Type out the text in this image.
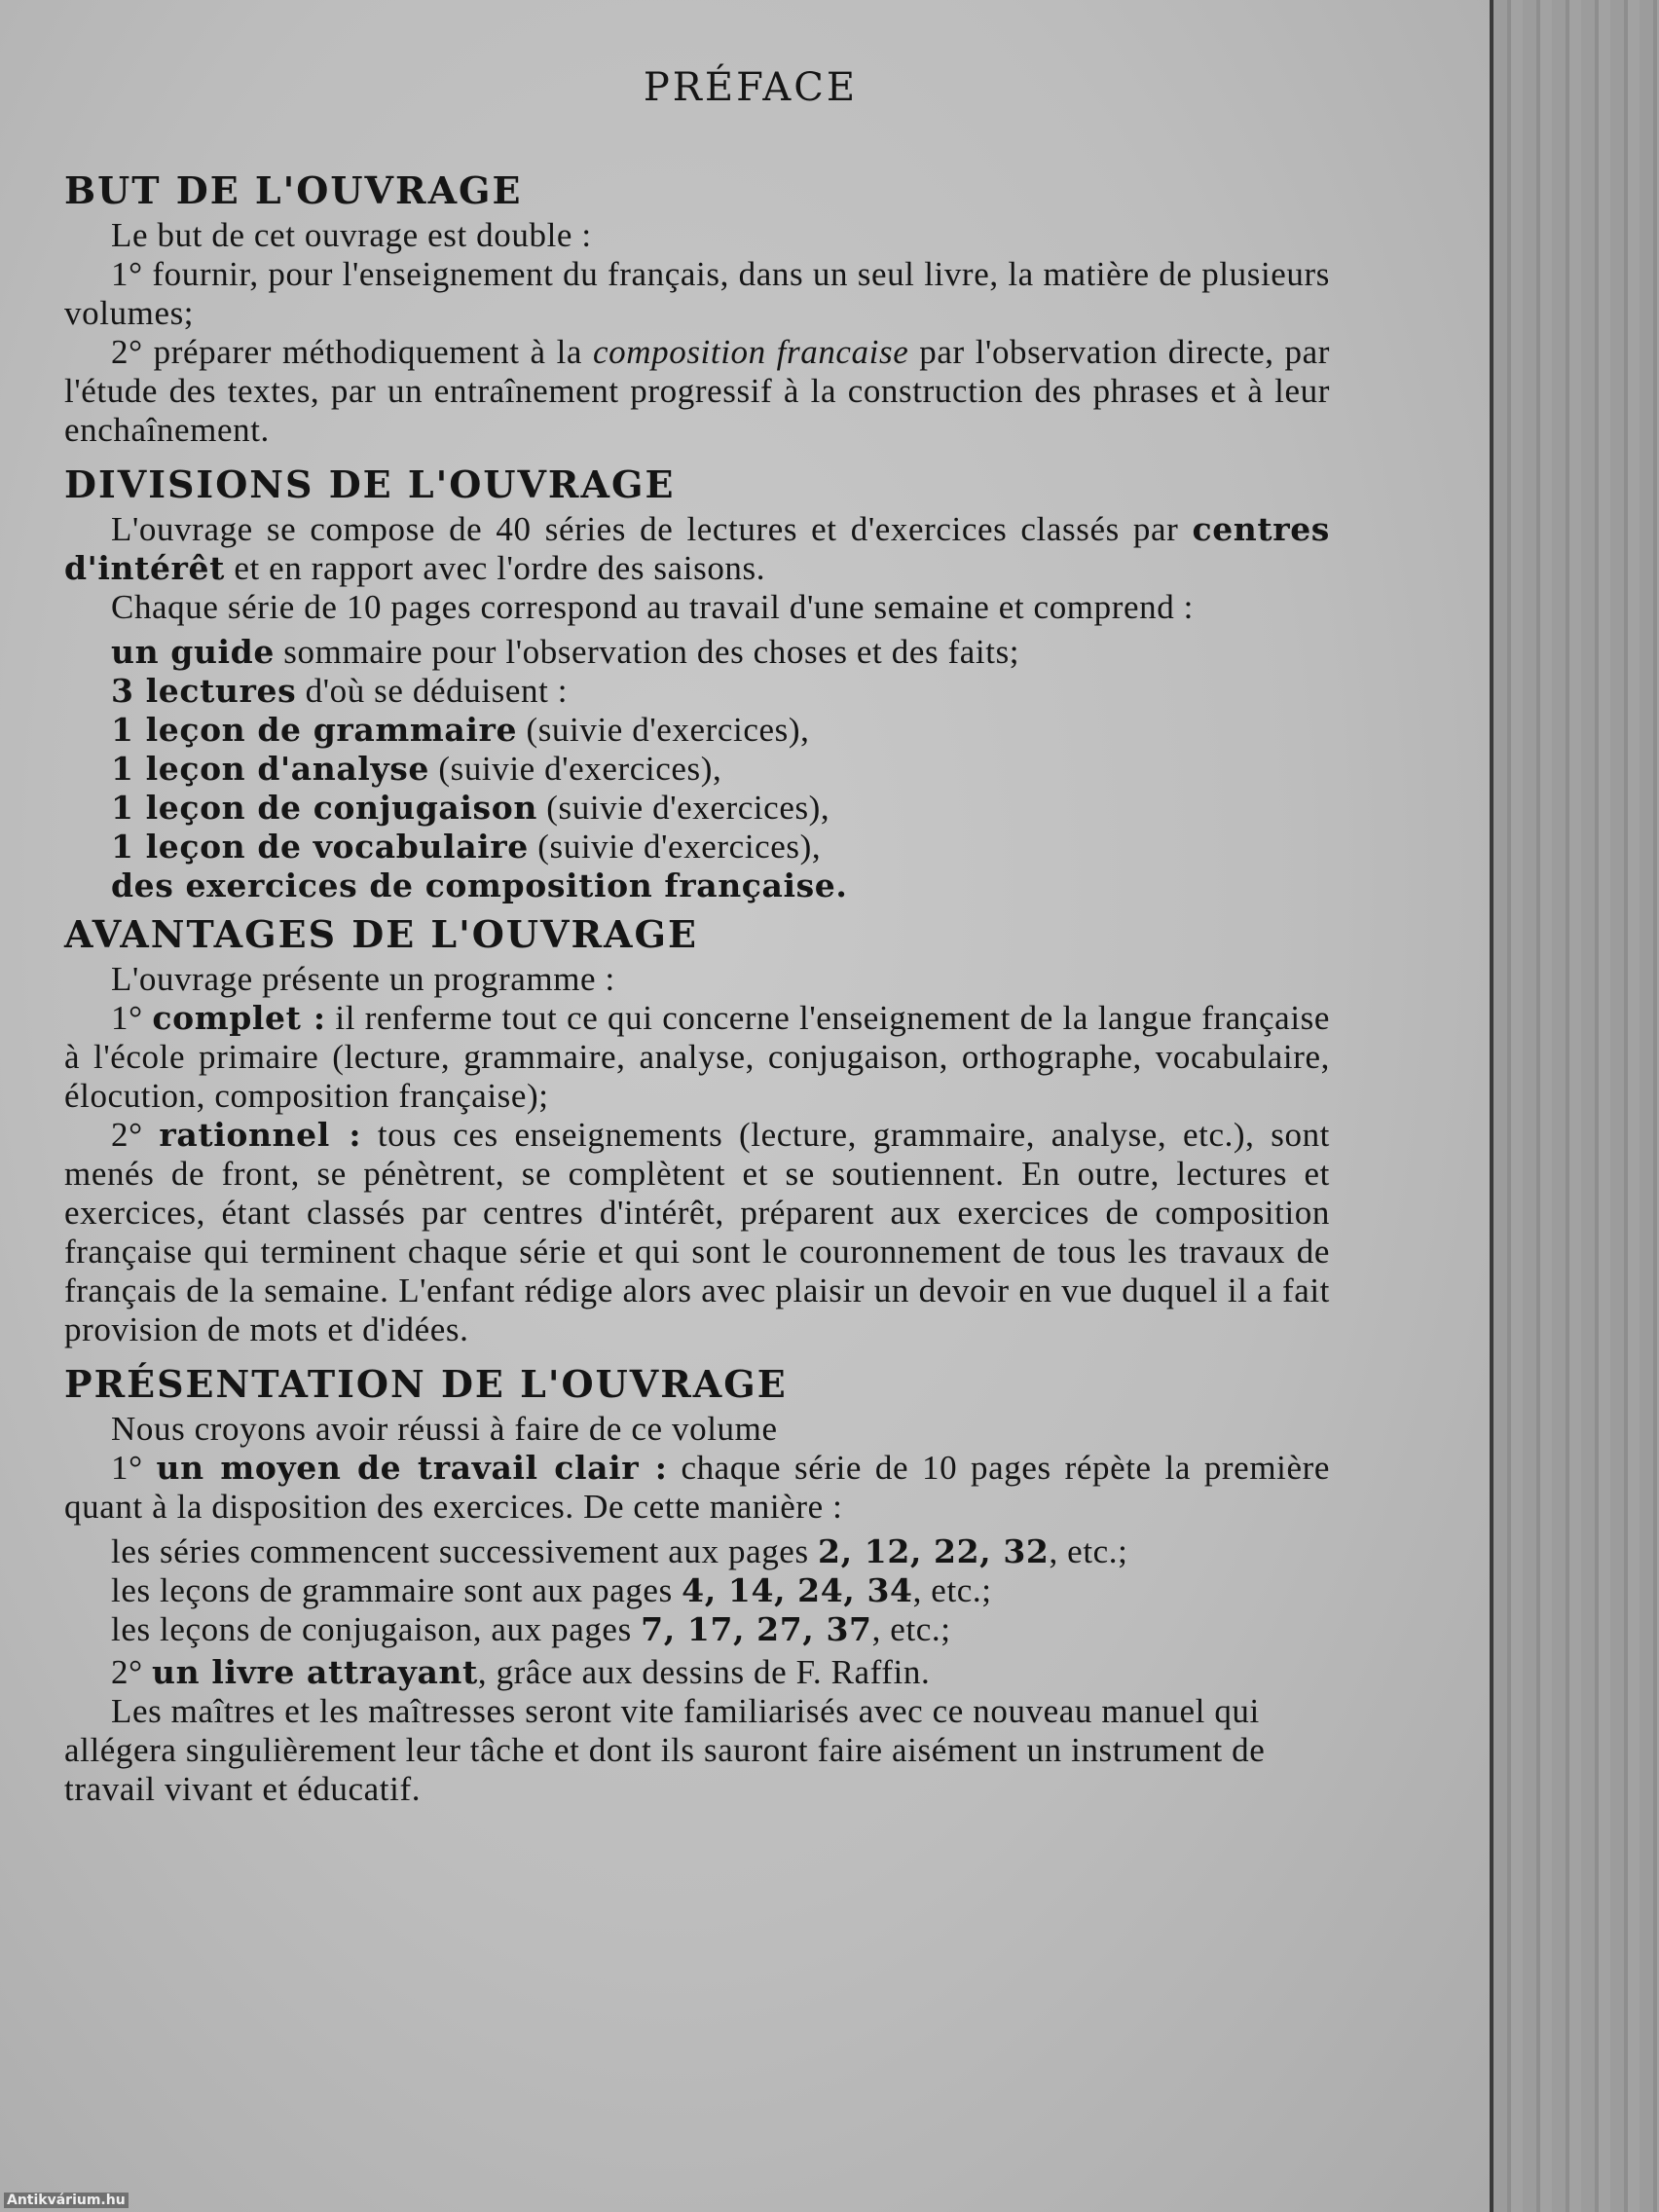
PRÉFACE
BUT DE L'OUVRAGE

Le but de cet ouvrage est double :

1° fournir, pour l'enseignement du français, dans un seul livre, la matière de plusieurs volumes;

2° préparer méthodiquement à la composition francaise par l'observation directe, par l'étude des textes, par un entraînement progressif à la construction des phrases et à leur enchaînement.

DIVISIONS DE L'OUVRAGE

L'ouvrage se compose de 40 séries de lectures et d'exercices classés par centres d'intérêt et en rapport avec l'ordre des saisons.

Chaque série de 10 pages correspond au travail d'une semaine et comprend :

un guide sommaire pour l'observation des choses et des faits;

3 lectures d'où se déduisent :

1 leçon de grammaire (suivie d'exercices),

1 leçon d'analyse (suivie d'exercices),

1 leçon de conjugaison (suivie d'exercices),

1 leçon de vocabulaire (suivie d'exercices),

des exercices de composition française.

AVANTAGES DE L'OUVRAGE

L'ouvrage présente un programme :

1° complet : il renferme tout ce qui concerne l'enseignement de la langue française à l'école primaire (lecture, grammaire, analyse, conjugaison, orthographe, vocabulaire, élocution, composition française);

2° rationnel : tous ces enseignements (lecture, grammaire, analyse, etc.), sont menés de front, se pénètrent, se complètent et se soutiennent. En outre, lectures et exercices, étant classés par centres d'intérêt, préparent aux exercices de composition française qui terminent chaque série et qui sont le couronnement de tous les travaux de français de la semaine. L'enfant rédige alors avec plaisir un devoir en vue duquel il a fait provision de mots et d'idées.

PRÉSENTATION DE L'OUVRAGE

Nous croyons avoir réussi à faire de ce volume

1° un moyen de travail clair : chaque série de 10 pages répète la première quant à la disposition des exercices. De cette manière :

les séries commencent successivement aux pages 2, 12, 22, 32, etc.;

les leçons de grammaire sont aux pages 4, 14, 24, 34, etc.;

les leçons de conjugaison, aux pages 7, 17, 27, 37, etc.;

2° un livre attrayant, grâce aux dessins de F. Raffin.

Les maîtres et les maîtresses seront vite familiarisés avec ce nouveau manuel qui allégera singulièrement leur tâche et dont ils sauront faire aisément un instrument de travail vivant et éducatif.

Antikvárium.hu
